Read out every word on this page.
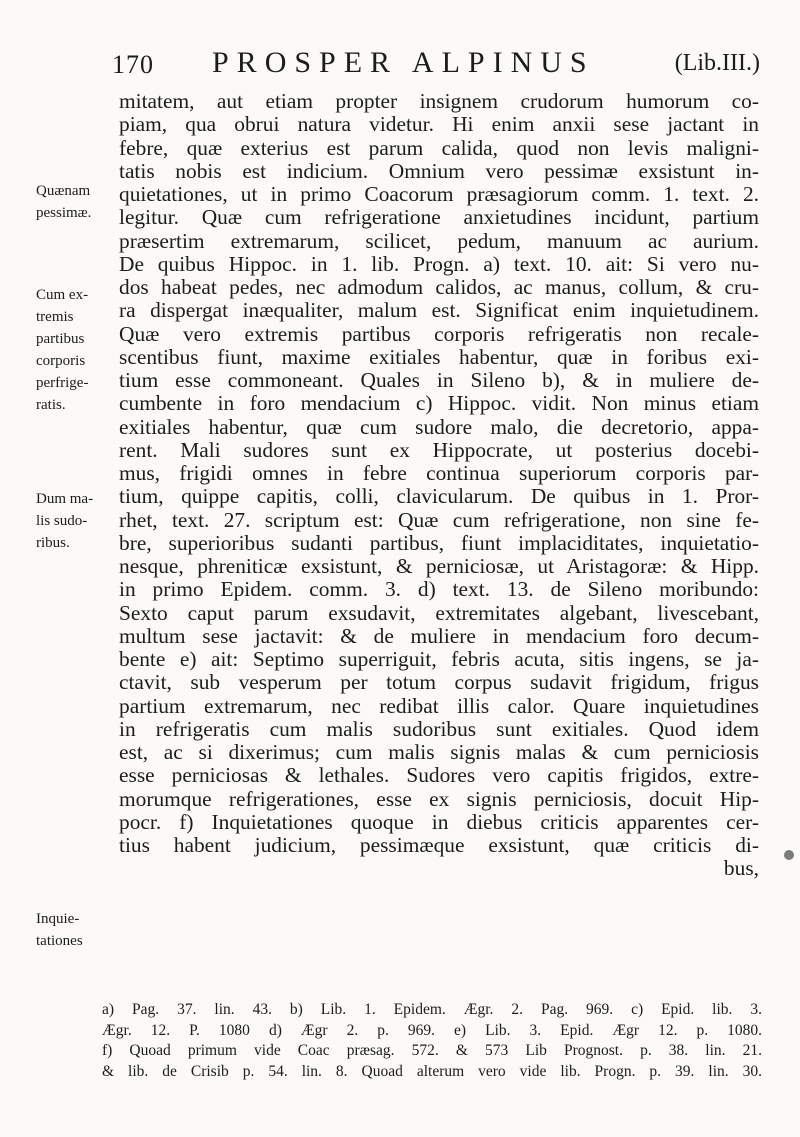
170 PROSPER ALPINUS	(Lib.III.)
Quænam
pessimæ.
Cum ex-
tremis
partibus
corporis
perfrige-
ratis.
Dum ma-
lis sudo-
ribus.
Inquie-
tationes
mitatem, aut etiam propter insignem crudorum humorum co-
piam, qua obrui natura videtur. Hi enim anxii sese jactant in
febre, quæ exterius est parum calida, quod non levis maligni-
tatis nobis est indicium. Omnium vero pessimæ exsistunt in-
quietationes, ut in primo Coacorum præsagiorum comm. 1. text. 2.
legitur. Quæ cum refrigeratione anxietudines incidunt, partium
præsertim extremarum, scilicet, pedum, manuum ac aurium.
De quibus Hippoc. in 1. lib. Progn. a) text. 10. ait: Si vero nu-
dos habeat pedes, nec admodum calidos, ac manus, collum, & cru-
ra dispergat inæqualiter, malum est. Significat enim inquietudinem.
Quæ vero extremis partibus corporis refrigeratis non recale-
scentibus fiunt, maxime exitiales habentur, quæ in foribus exi-
tium esse commoneant. Quales in Sileno b), & in muliere de-
cumbente in foro mendacium c) Hippoc. vidit. Non minus etiam
exitiales habentur, quæ cum sudore malo, die decretorio, appa-
rent. Mali sudores sunt ex Hippocrate, ut posterius docebi-
mus, frigidi omnes in febre continua superiorum corporis par-
tium, quippe capitis, colli, clavicularum. De quibus in 1. Pror-
rhet, text. 27. scriptum est: Quæ cum refrigeratione, non sine fe-
bre, superioribus sudanti partibus, fiunt implaciditates, inquietatio-
nesque, phreniticæ exsistunt, & perniciosæ, ut Aristagoræ: & Hipp.
in primo Epidem. comm. 3. d) text. 13. de Sileno moribundo:
Sexto caput parum exsudavit, extremitates algebant, livescebant,
multum sese jactavit: & de muliere in mendacium foro decum-
bente e) ait: Septimo superriguit, febris acuta, sitis ingens, se ja-
ctavit, sub vesperum per totum corpus sudavit frigidum, frigus
partium extremarum, nec redibat illis calor. Quare inquietudines
in refrigeratis cum malis sudoribus sunt exitiales. Quod idem
est, ac si dixerimus; cum malis signis malas & cum perniciosis
esse perniciosas & lethales. Sudores vero capitis frigidos, extre-
morumque refrigerationes, esse ex signis perniciosis, docuit Hip-
pocr. f) Inquietationes quoque in diebus criticis apparentes cer-
tius habent judicium, pessimæque exsistunt, quæ criticis di-
bus,
a) Pag. 37. lin. 43. b) Lib. 1. Epidem. Ægr. 2. Pag. 969. c) Epid. lib. 3.
Ægr. 12. P. 1080 d) Ægr 2. p. 969. e) Lib. 3. Epid. Ægr 12. p. 1080.
f) Quoad primum vide Coac præsag. 572. & 573 Lib Prognost. p. 38. lin. 21.
& lib. de Crisib p. 54. lin. 8. Quoad alterum vero vide lib. Progn. p. 39. lin. 30.
